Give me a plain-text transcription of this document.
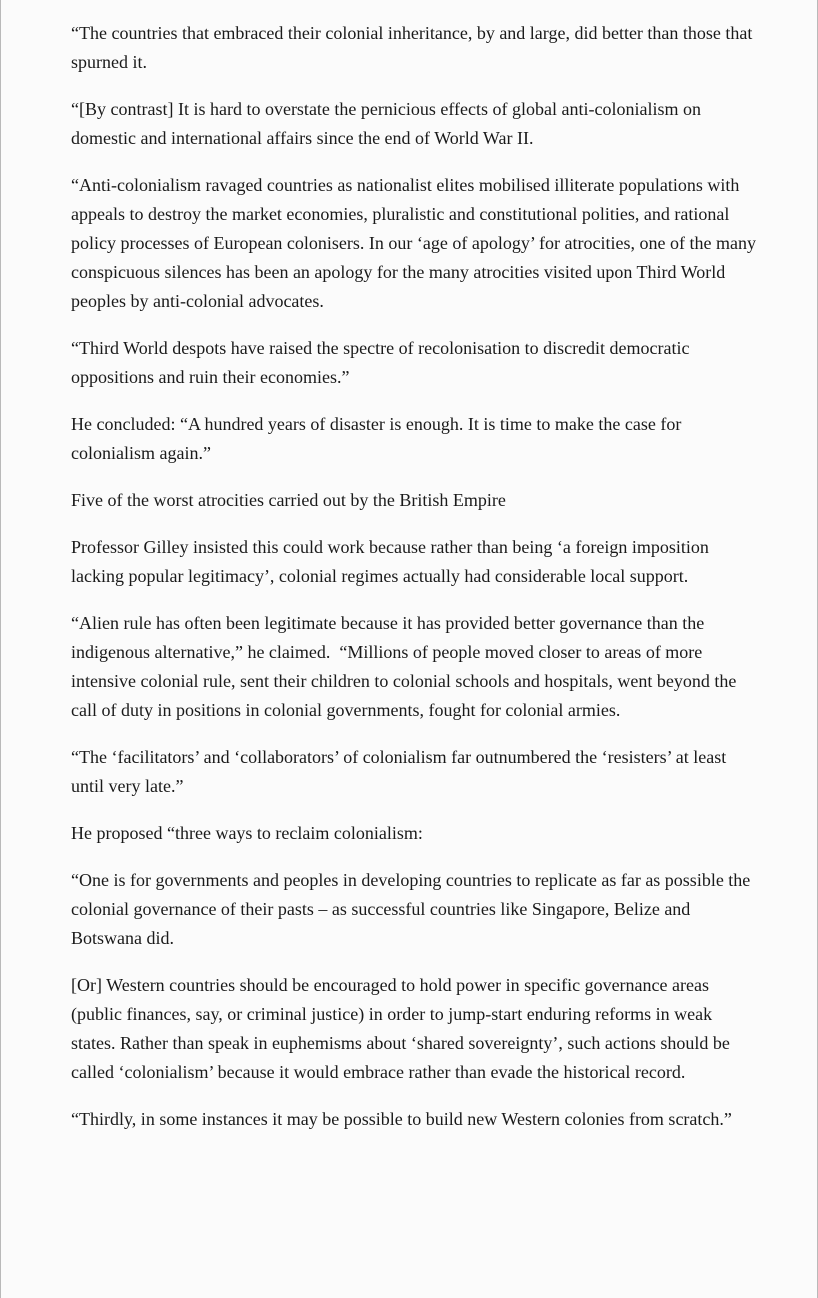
“The countries that embraced their colonial inheritance, by and large, did better than those that spurned it.

“[By contrast] It is hard to overstate the pernicious effects of global anti-colonialism on domestic and international affairs since the end of World War II.

“Anti-colonialism ravaged countries as nationalist elites mobilised illiterate populations with appeals to destroy the market economies, pluralistic and constitutional polities, and rational policy processes of European colonisers. In our ‘age of apology’ for atrocities, one of the many conspicuous silences has been an apology for the many atrocities visited upon Third World peoples by anti-colonial advocates.

“Third World despots have raised the spectre of recolonisation to discredit democratic oppositions and ruin their economies.”

He concluded: “A hundred years of disaster is enough. It is time to make the case for colonialism again.”

Five of the worst atrocities carried out by the British Empire

Professor Gilley insisted this could work because rather than being ‘a foreign imposition lacking popular legitimacy’, colonial regimes actually had considerable local support.

“Alien rule has often been legitimate because it has provided better governance than the indigenous alternative,” he claimed.  “Millions of people moved closer to areas of more intensive colonial rule, sent their children to colonial schools and hospitals, went beyond the call of duty in positions in colonial governments, fought for colonial armies.

“The ‘facilitators’ and ‘collaborators’ of colonialism far outnumbered the ‘resisters’ at least until very late.”

He proposed “three ways to reclaim colonialism:

“One is for governments and peoples in developing countries to replicate as far as possible the colonial governance of their pasts – as successful countries like Singapore, Belize and Botswana did.

[Or] Western countries should be encouraged to hold power in specific governance areas (public finances, say, or criminal justice) in order to jump-start enduring reforms in weak states. Rather than speak in euphemisms about ‘shared sovereignty’, such actions should be called ‘colonialism’ because it would embrace rather than evade the historical record.

“Thirdly, in some instances it may be possible to build new Western colonies from scratch.”
